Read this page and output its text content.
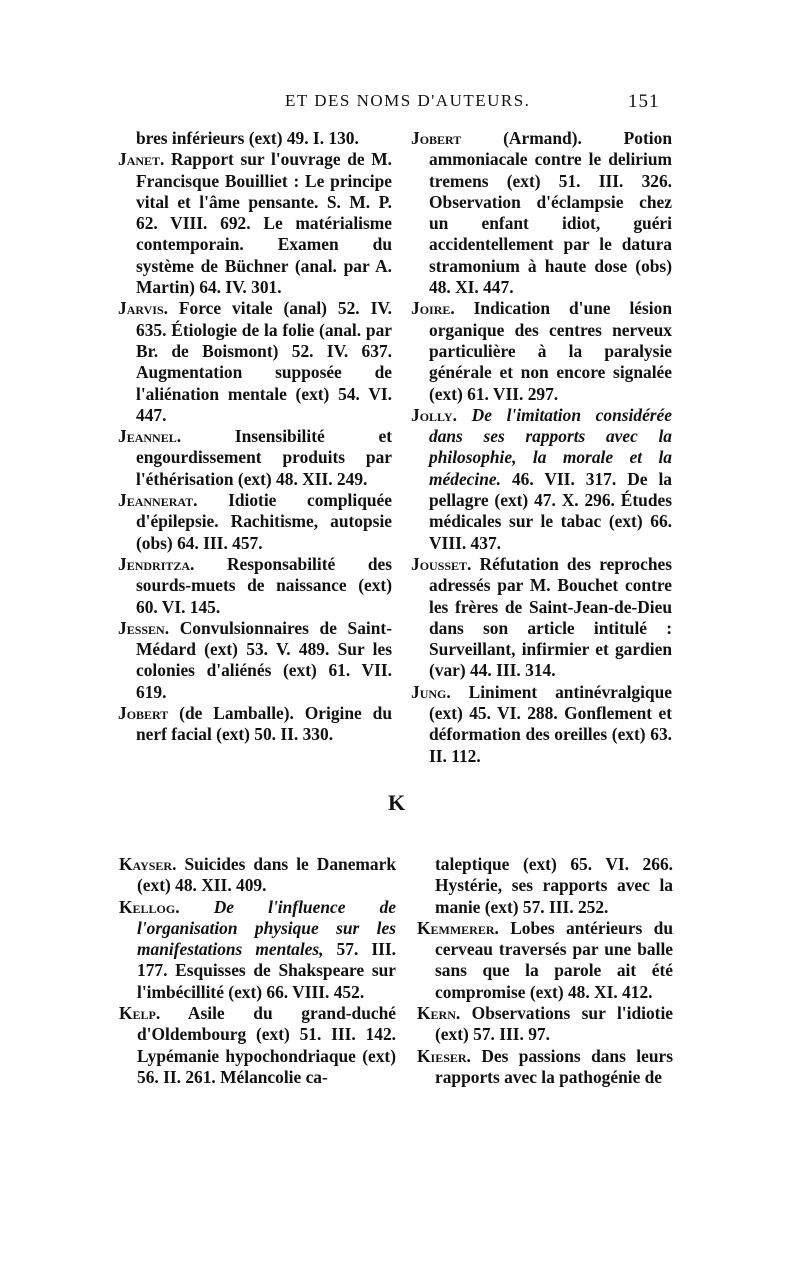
ET DES NOMS D'AUTEURS.	151

bres inférieurs (ext) 49. I. 130.

Janet. Rapport sur l'ouvrage de M. Francisque Bouilliet : Le principe vital et l'âme pensante. S. M. P. 62. VIII. 692. Le matérialisme contemporain. Examen du système de Büchner (anal. par A. Martin) 64. IV. 301.

Jarvis. Force vitale (anal) 52. IV. 635. Étiologie de la folie (anal. par Br. de Boismont) 52. IV. 637. Augmentation supposée de l'aliénation mentale (ext) 54. VI. 447.

Jeannel. Insensibilité et engourdissement produits par l'éthérisation (ext) 48. XII. 249.

Jeannerat. Idiotie compliquée d'épilepsie. Rachitisme, autopsie (obs) 64. III. 457.

Jendritza. Responsabilité des sourds-muets de naissance (ext) 60. VI. 145.

Jessen. Convulsionnaires de Saint-Médard (ext) 53. V. 489. Sur les colonies d'aliénés (ext) 61. VII. 619.

Jobert (de Lamballe). Origine du nerf facial (ext) 50. II. 330.

Jobert (Armand). Potion ammoniacale contre le delirium tremens (ext) 51. III. 326. Observation d'éclampsie chez un enfant idiot, guéri accidentellement par le datura stramonium à haute dose (obs) 48. XI. 447.

Joire. Indication d'une lésion organique des centres nerveux particulière à la paralysie générale et non encore signalée (ext) 61. VII. 297.

Jolly. De l'imitation considérée dans ses rapports avec la philosophie, la morale et la médecine. 46. VII. 317. De la pellagre (ext) 47. X. 296. Études médicales sur le tabac (ext) 66. VIII. 437.

Jousset. Réfutation des reproches adressés par M. Bouchet contre les frères de Saint-Jean-de-Dieu dans son article intitulé : Surveillant, infirmier et gardien (var) 44. III. 314.

Jung. Liniment antinévralgique (ext) 45. VI. 288. Gonflement et déformation des oreilles (ext) 63. II. 112.

K

Kayser. Suicides dans le Danemark (ext) 48. XII. 409.

Kellog. De l'influence de l'organisation physique sur les manifestations mentales, 57. III. 177. Esquisses de Shakspeare sur l'imbécillité (ext) 66. VIII. 452.

Kelp. Asile du grand-duché d'Oldembourg (ext) 51. III. 142. Lypémanie hypochondriaque (ext) 56. II. 261. Mélancolie ca-

taleptique (ext) 65. VI. 266. Hystérie, ses rapports avec la manie (ext) 57. III. 252.

Kemmerer. Lobes antérieurs du cerveau traversés par une balle sans que la parole ait été compromise (ext) 48. XI. 412.

Kern. Observations sur l'idiotie (ext) 57. III. 97.

Kieser. Des passions dans leurs rapports avec la pathogénie de
